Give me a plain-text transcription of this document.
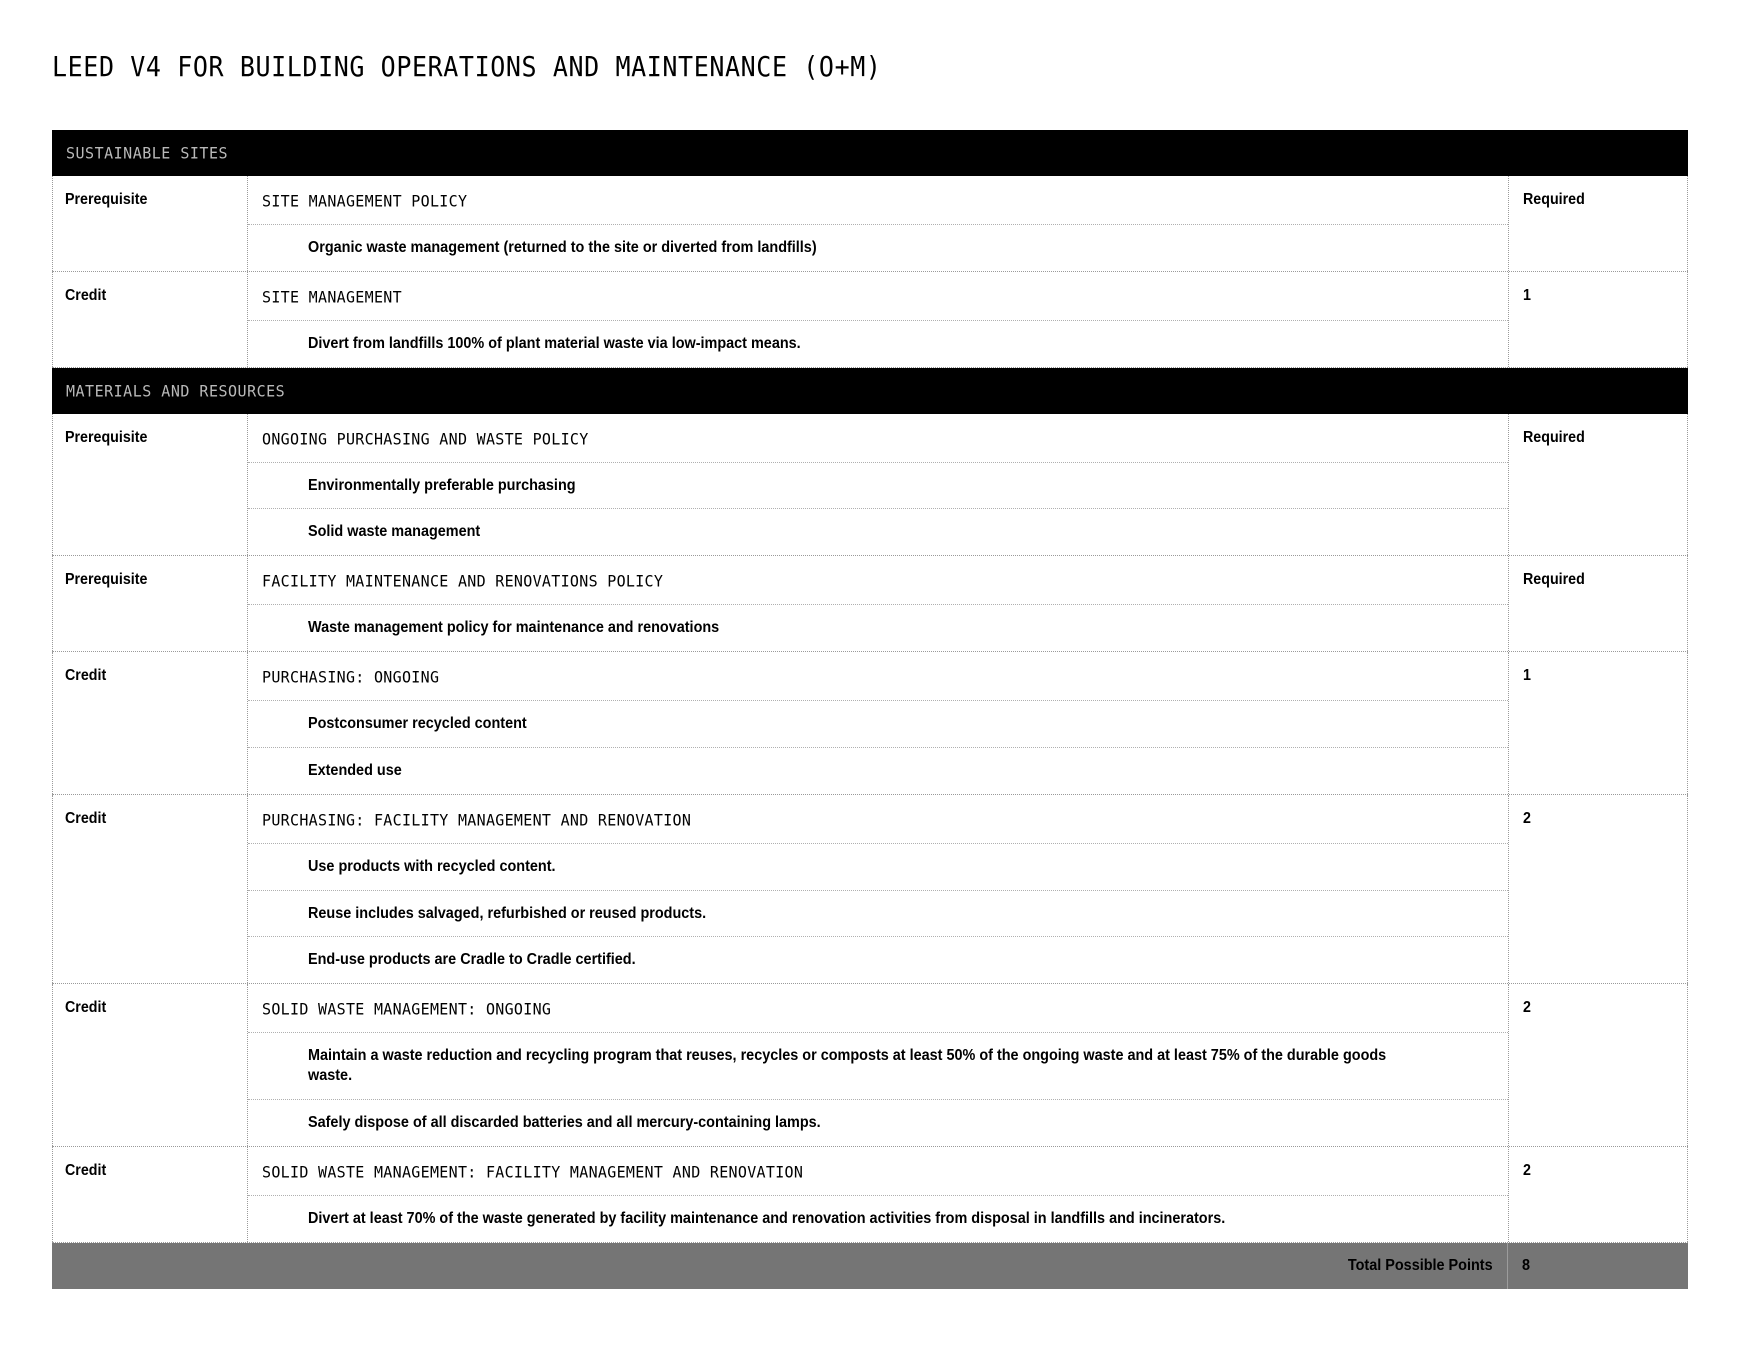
LEED V4 FOR BUILDING OPERATIONS AND MAINTENANCE (O+M)
SUSTAINABLE SITES
Prerequisite	SITE MANAGEMENT POLICY
Organic waste management (returned to the site or diverted from landfills)
Required
Credit	SITE MANAGEMENT
Divert from landfills 100% of plant material waste via low-impact means.
1
MATERIALS AND RESOURCES
Prerequisite	ONGOING PURCHASING AND WASTE POLICY
Environmentally preferable purchasing
Solid waste management
Required
Prerequisite	FACILITY MAINTENANCE AND RENOVATIONS POLICY
Waste management policy for maintenance and renovations
Required
Credit	PURCHASING: ONGOING
Postconsumer recycled content
Extended use
1
Credit	PURCHASING: FACILITY MANAGEMENT AND RENOVATION
Use products with recycled content.
Reuse includes salvaged, refurbished or reused products.
End-use products are Cradle to Cradle certified.
2
Credit	SOLID WASTE MANAGEMENT: ONGOING
Maintain a waste reduction and recycling program that reuses, recycles or composts at least 50% of the ongoing waste and at least 75% of the durable goods waste.
Safely dispose of all discarded batteries and all mercury-containing lamps.
2
Credit	SOLID WASTE MANAGEMENT: FACILITY MANAGEMENT AND RENOVATION
Divert at least 70% of the waste generated by facility maintenance and renovation activities from disposal in landfills and incinerators.
2
Total Possible Points 8
